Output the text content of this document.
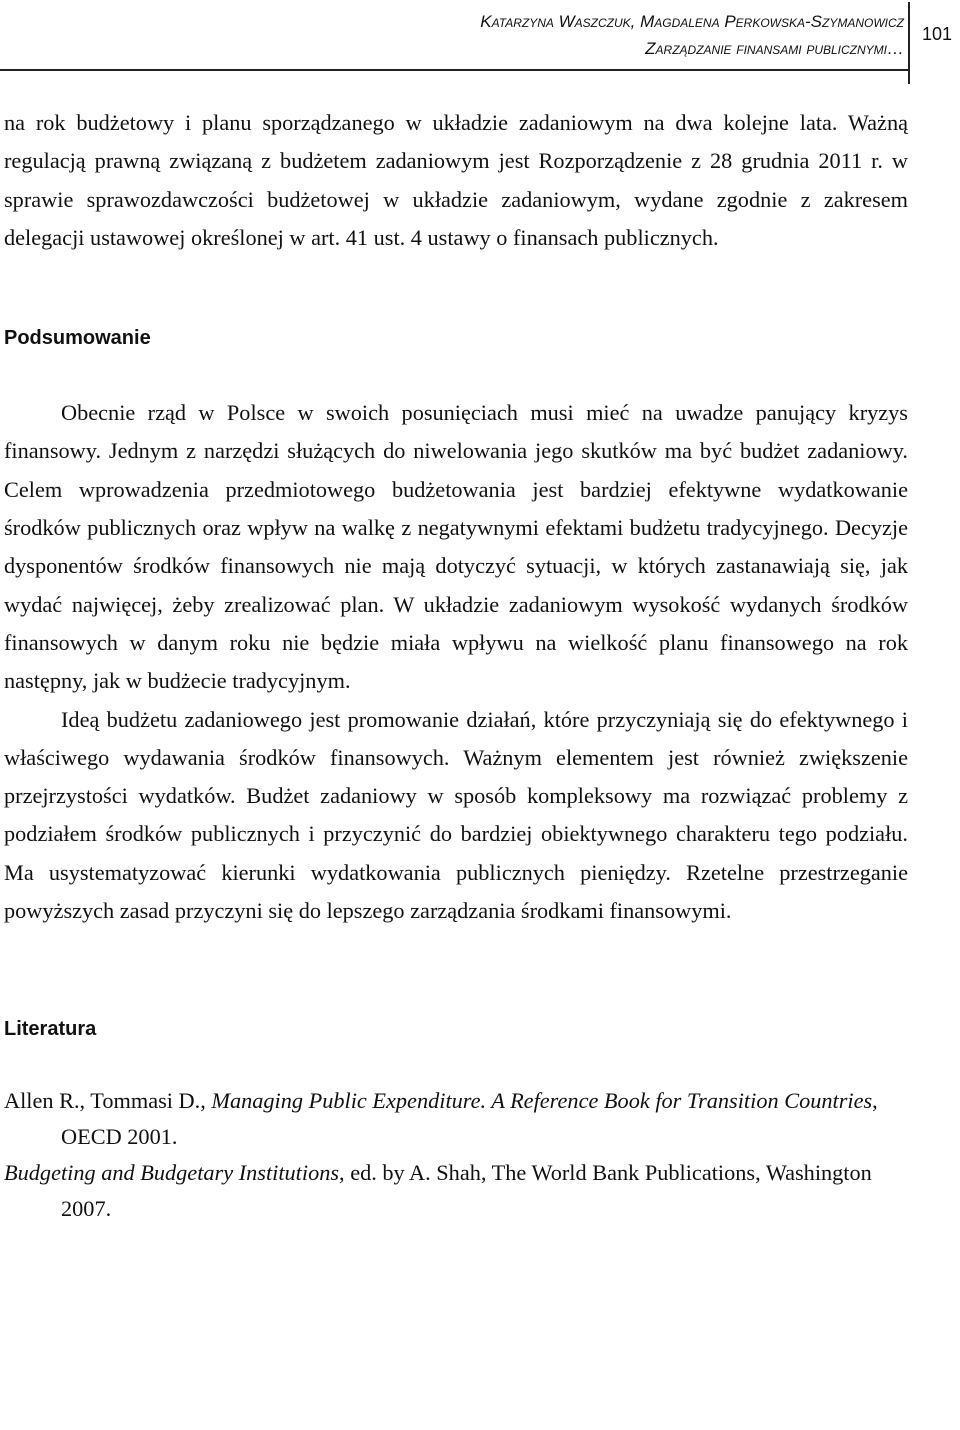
Katarzyna Waszczuk, Magdalena Perkowska-Szymanowicz
Zarządzanie finansami publicznymi…
101

na rok budżetowy i planu sporządzanego w układzie zadaniowym na dwa kolejne lata. Ważną regulacją prawną związaną z budżetem zadaniowym jest Rozporządzenie z 28 grudnia 2011 r. w sprawie sprawozdawczości budżetowej w układzie zadaniowym, wydane zgodnie z zakresem delegacji ustawowej określonej w art. 41 ust. 4 ustawy o finansach publicznych.

Podsumowanie

Obecnie rząd w Polsce w swoich posunięciach musi mieć na uwadze panujący kryzys finansowy. Jednym z narzędzi służących do niwelowania jego skutków ma być budżet zadaniowy. Celem wprowadzenia przedmiotowego budżetowania jest bardziej efektywne wydatkowanie środków publicznych oraz wpływ na walkę z negatywnymi efektami budżetu tradycyjnego. Decyzje dysponentów środków finansowych nie mają dotyczyć sytuacji, w których zastanawiają się, jak wydać najwięcej, żeby zrealizować plan. W układzie zadaniowym wysokość wydanych środków finansowych w danym roku nie będzie miała wpływu na wielkość planu finansowego na rok następny, jak w budżecie tradycyjnym.

Ideą budżetu zadaniowego jest promowanie działań, które przyczyniają się do efektywnego i właściwego wydawania środków finansowych. Ważnym elementem jest również zwiększenie przejrzystości wydatków. Budżet zadaniowy w sposób kompleksowy ma rozwiązać problemy z podziałem środków publicznych i przyczynić do bardziej obiektywnego charakteru tego podziału. Ma usystematyzować kierunki wydatkowania publicznych pieniędzy. Rzetelne przestrzeganie powyższych zasad przyczyni się do lepszego zarządzania środkami finansowymi.

Literatura

Allen R., Tommasi D., Managing Public Expenditure. A Reference Book for Transition Countries, OECD 2001.

Budgeting and Budgetary Institutions, ed. by A. Shah, The World Bank Publications, Washington 2007.
